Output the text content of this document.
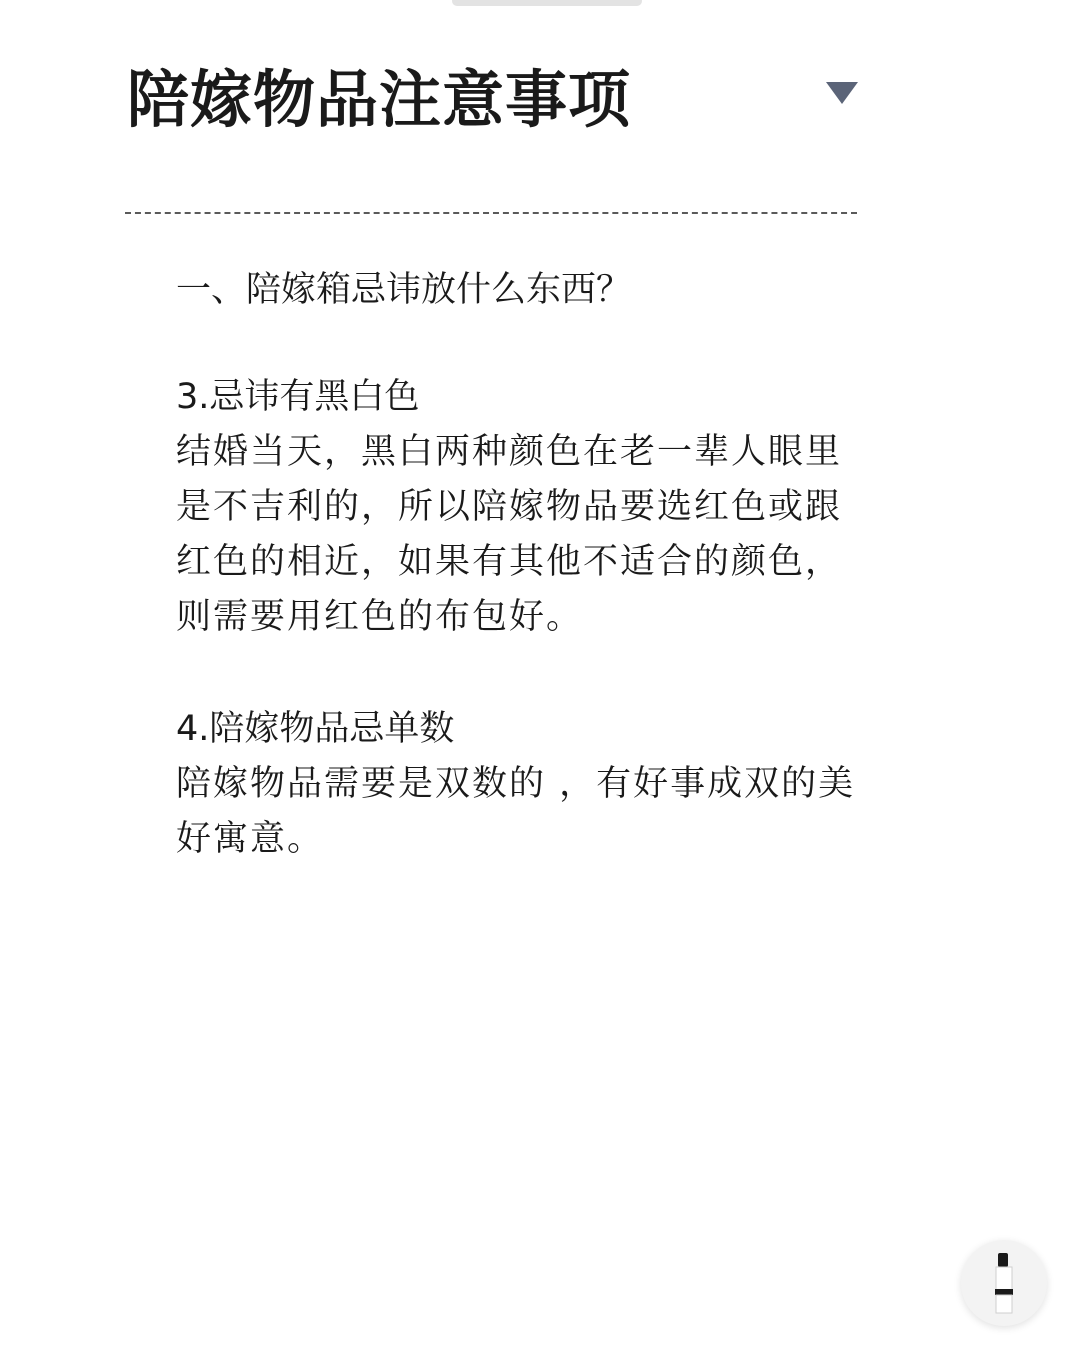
陪嫁物品注意事项
一、陪嫁箱忌讳放什么东西？
3.忌讳有黑白色
结婚当天，黑白两种颜色在老一辈人眼里是不吉利的，所以陪嫁物品要选红色或跟红色的相近，如果有其他不适合的颜色，则需要用红色的布包好。
4.陪嫁物品忌单数
陪嫁物品需要是双数的 ，有好事成双的美好寓意。
